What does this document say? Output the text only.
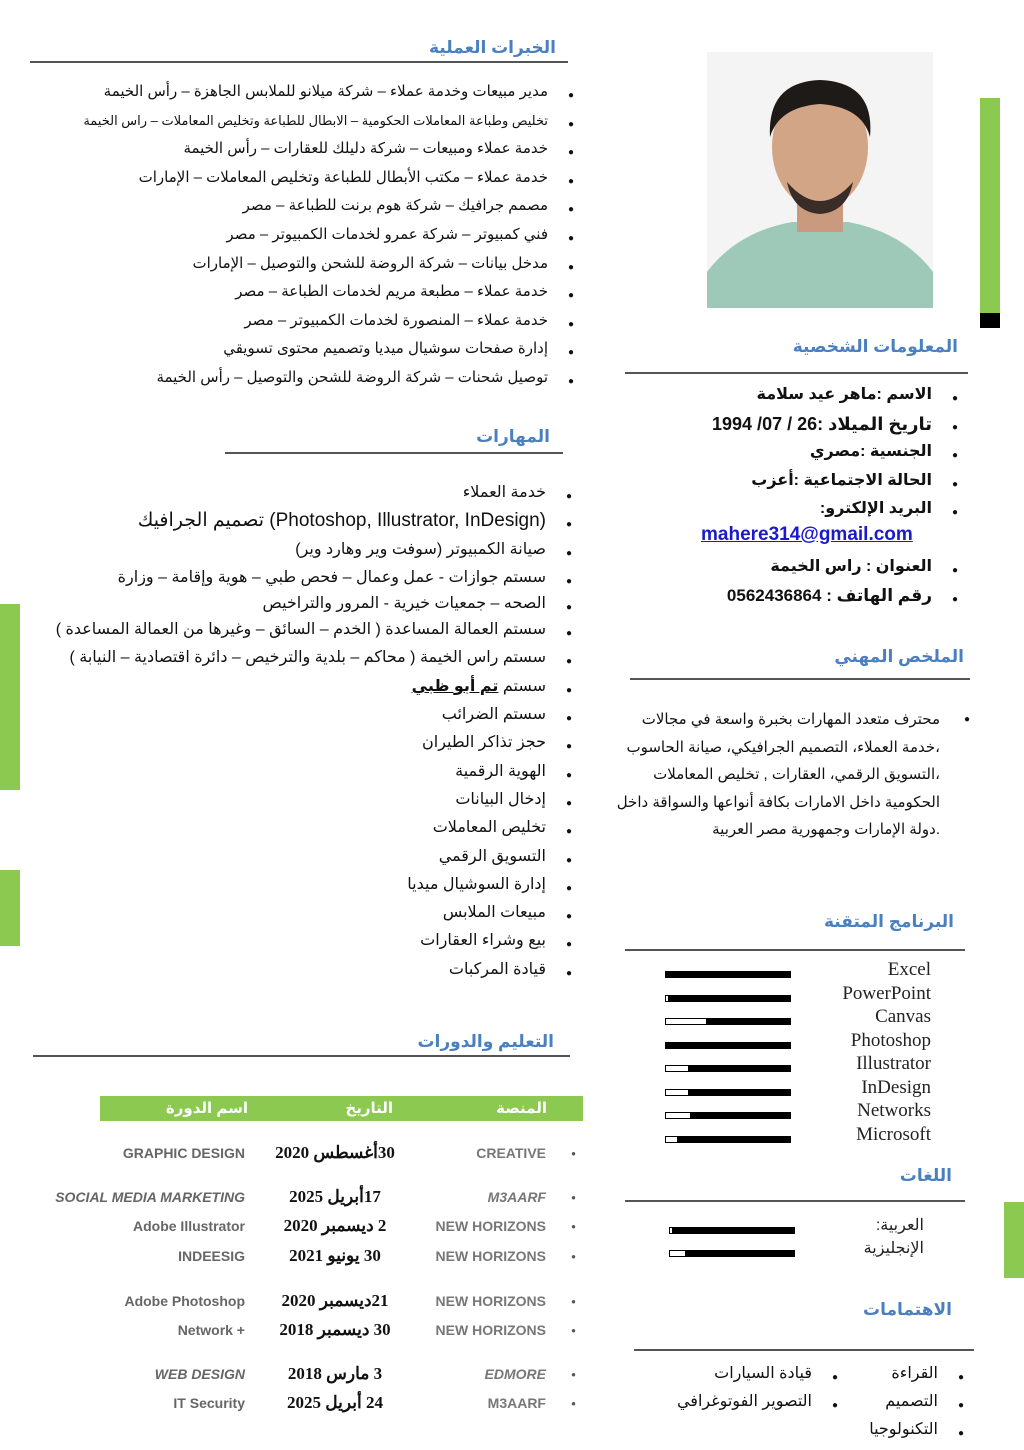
الخبرات العملية
● مدير مبيعات وخدمة عملاء – شركة ميلانو للملابس الجاهزة – رأس الخيمة
● تخليص وطباعة المعاملات الحكومية – الابطال للطباعة وتخليص المعاملات – راس الخيمة
● خدمة عملاء ومبيعات – شركة دليلك للعقارات – رأس الخيمة
● خدمة عملاء – مكتب الأبطال للطباعة وتخليص المعاملات – الإمارات
● مصمم جرافيك – شركة هوم برنت للطباعة – مصر
● فني كمبيوتر – شركة عمرو لخدمات الكمبيوتر – مصر
● مدخل بيانات – شركة الروضة للشحن والتوصيل – الإمارات
● خدمة عملاء – مطبعة مريم لخدمات الطباعة – مصر
● خدمة عملاء – المنصورة لخدمات الكمبيوتر – مصر
● إدارة صفحات سوشيال ميديا وتصميم محتوى تسويقي
● توصيل شحنات – شركة الروضة للشحن والتوصيل – رأس الخيمة
المهارات
● خدمة العملاء
● (Photoshop, Illustrator, InDesign) تصميم الجرافيك
● صيانة الكمبيوتر (سوفت وير وهارد وير)
● سستم جوازات - عمل وعمال – فحص طبي – هوية وإقامة – وزارة
● الصحه – جمعيات خيرية - المرور والتراخيص
● سستم العمالة المساعدة ( الخدم – السائق – وغيرها من العمالة المساعدة )
● سستم راس الخيمة ( محاكم – بلدية والترخيص – دائرة اقتصادية – النيابة )
● سستم تم أبو ظبي
● سستم الضرائب
● حجز تذاكر الطيران
● الهوية الرقمية
● إدخال البيانات
● تخليص المعاملات
● التسويق الرقمي
● إدارة السوشيال ميديا
● مبيعات الملابس
● بيع وشراء العقارات
● قيادة المركبات
التعليم والدورات
المنصة
التاريخ
اسم الدورة
●
CREATIVE
30أغسطس 2020
GRAPHIC DESIGN
●
M3AARF
17أبريل 2025
SOCIAL MEDIA MARKETING
●
NEW HORIZONS
2 ديسمبر 2020
Adobe Illustrator
●
NEW HORIZONS
30 يونيو 2021
INDEESIG
●
NEW HORIZONS
21ديسمبر 2020
Adobe Photoshop
●
NEW HORIZONS
30 ديسمبر 2018
Network +
●
EDMORE
3 مارس 2018
WEB DESIGN
●
M3AARF
24 أبريل 2025
IT Security
المعلومات الشخصية
● الاسم :ماهر عيد سلامة
● تاريخ الميلاد :26 / 07/ 1994
● الجنسية :مصري
● الحالة الاجتماعية :أعزب
● البريد الإلكترو:
mahere314@gmail.com
● العنوان : راس الخيمة
● رقم الهاتف : 0562436864
الملخص المهني
●
محترف متعدد المهارات بخبرة واسعة في مجالات
،خدمة العملاء، التصميم الجرافيكي، صيانة الحاسوب
،التسويق الرقمي، العقارات , تخليص المعاملات
الحكومية داخل الامارات بكافة أنواعها والسواقة داخل
.دولة الإمارات وجمهورية مصر العربية
البرنامج المتقنة
Excel
PowerPoint
Canvas
Photoshop
Illustrator
InDesign
Networks
Microsoft
اللغات
:العربية
الإنجليزية
الاهتمامات
● القراءة
● التصميم
● التكنولوجيا
● قيادة السيارات
● التصوير الفوتوغرافي
